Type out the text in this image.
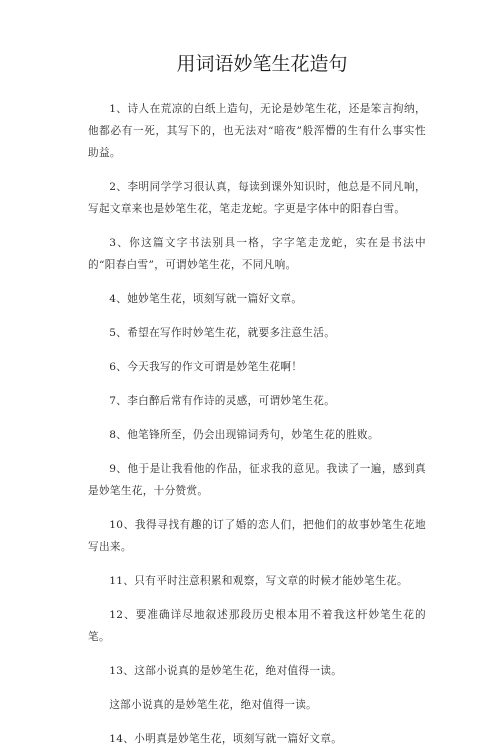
用词语妙笔生花造句

1、诗人在荒凉的白纸上造句，无论是妙笔生花，还是笨言拘纳，他都必有一死，其写下的，也无法对“暗夜”般浑懵的生有什么事实性助益。

2、李明同学学习很认真，每读到课外知识时，他总是不同凡响，写起文章来也是妙笔生花，笔走龙蛇。字更是字体中的阳春白雪。

3、你这篇文字书法别具一格，字字笔走龙蛇，实在是书法中的“阳春白雪”，可谓妙笔生花，不同凡响。

4、她妙笔生花，顷刻写就一篇好文章。

5、希望在写作时妙笔生花，就要多注意生活。

6、今天我写的作文可谓是妙笔生花啊！

7、李白醉后常有作诗的灵感，可谓妙笔生花。

8、他笔锋所至，仍会出现锦词秀句，妙笔生花的胜败。

9、他于是让我看他的作品，征求我的意见。我读了一遍，感到真是妙笔生花，十分赞赏。

10、我得寻找有趣的订了婚的恋人们，把他们的故事妙笔生花地写出来。

11、只有平时注意积累和观察，写文章的时候才能妙笔生花。

12、要准确详尽地叙述那段历史根本用不着我这杆妙笔生花的笔。

13、这部小说真的是妙笔生花，绝对值得一读。

这部小说真的是妙笔生花，绝对值得一读。

14、小明真是妙笔生花，顷刻写就一篇好文章。
